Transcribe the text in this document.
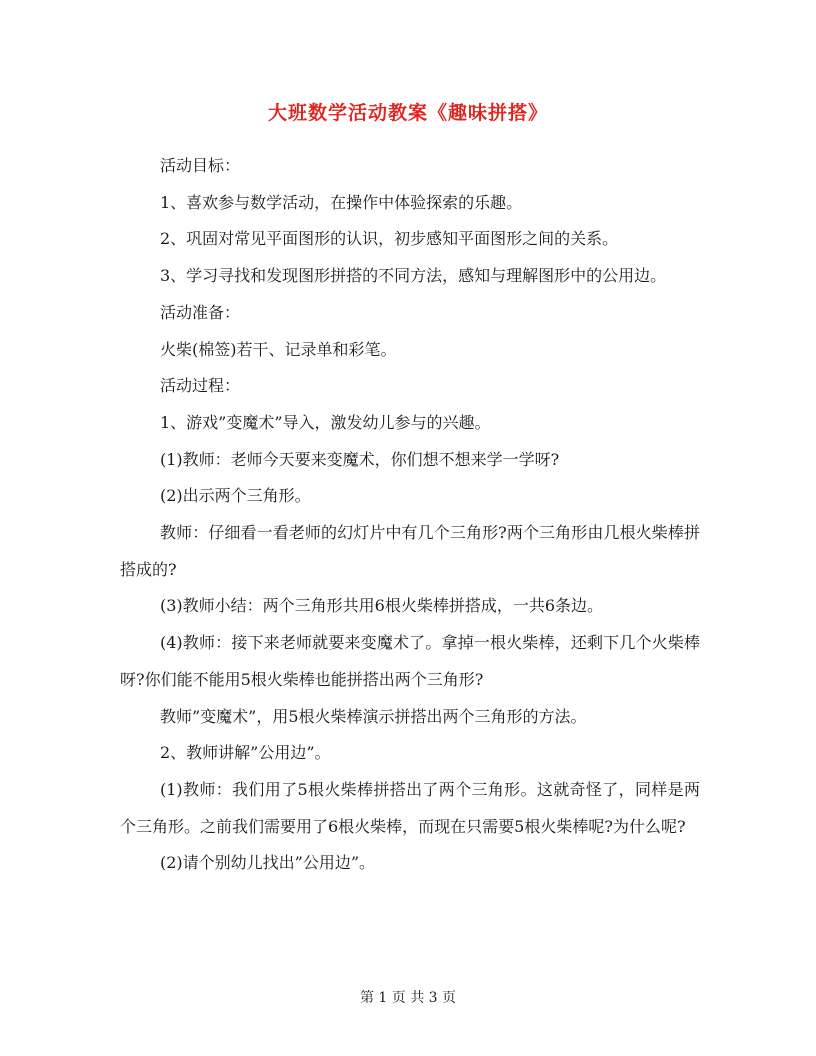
大班数学活动教案《趣味拼搭》

活动目标：

1、喜欢参与数学活动，在操作中体验探索的乐趣。

2、巩固对常见平面图形的认识，初步感知平面图形之间的关系。

3、学习寻找和发现图形拼搭的不同方法，感知与理解图形中的公用边。

活动准备：

火柴(棉签)若干、记录单和彩笔。

活动过程：

1、游戏”变魔术”导入，激发幼儿参与的兴趣。

(1)教师：老师今天要来变魔术，你们想不想来学一学呀?

(2)出示两个三角形。

教师：仔细看一看老师的幻灯片中有几个三角形?两个三角形由几根火柴棒拼搭成的?

(3)教师小结：两个三角形共用6根火柴棒拼搭成，一共6条边。

(4)教师：接下来老师就要来变魔术了。拿掉一根火柴棒，还剩下几个火柴棒呀?你们能不能用5根火柴棒也能拼搭出两个三角形?

教师”变魔术”，用5根火柴棒演示拼搭出两个三角形的方法。

2、教师讲解”公用边”。

(1)教师：我们用了5根火柴棒拼搭出了两个三角形。这就奇怪了，同样是两个三角形。之前我们需要用了6根火柴棒，而现在只需要5根火柴棒呢?为什么呢?

(2)请个别幼儿找出”公用边”。

第 1 页 共 3 页
